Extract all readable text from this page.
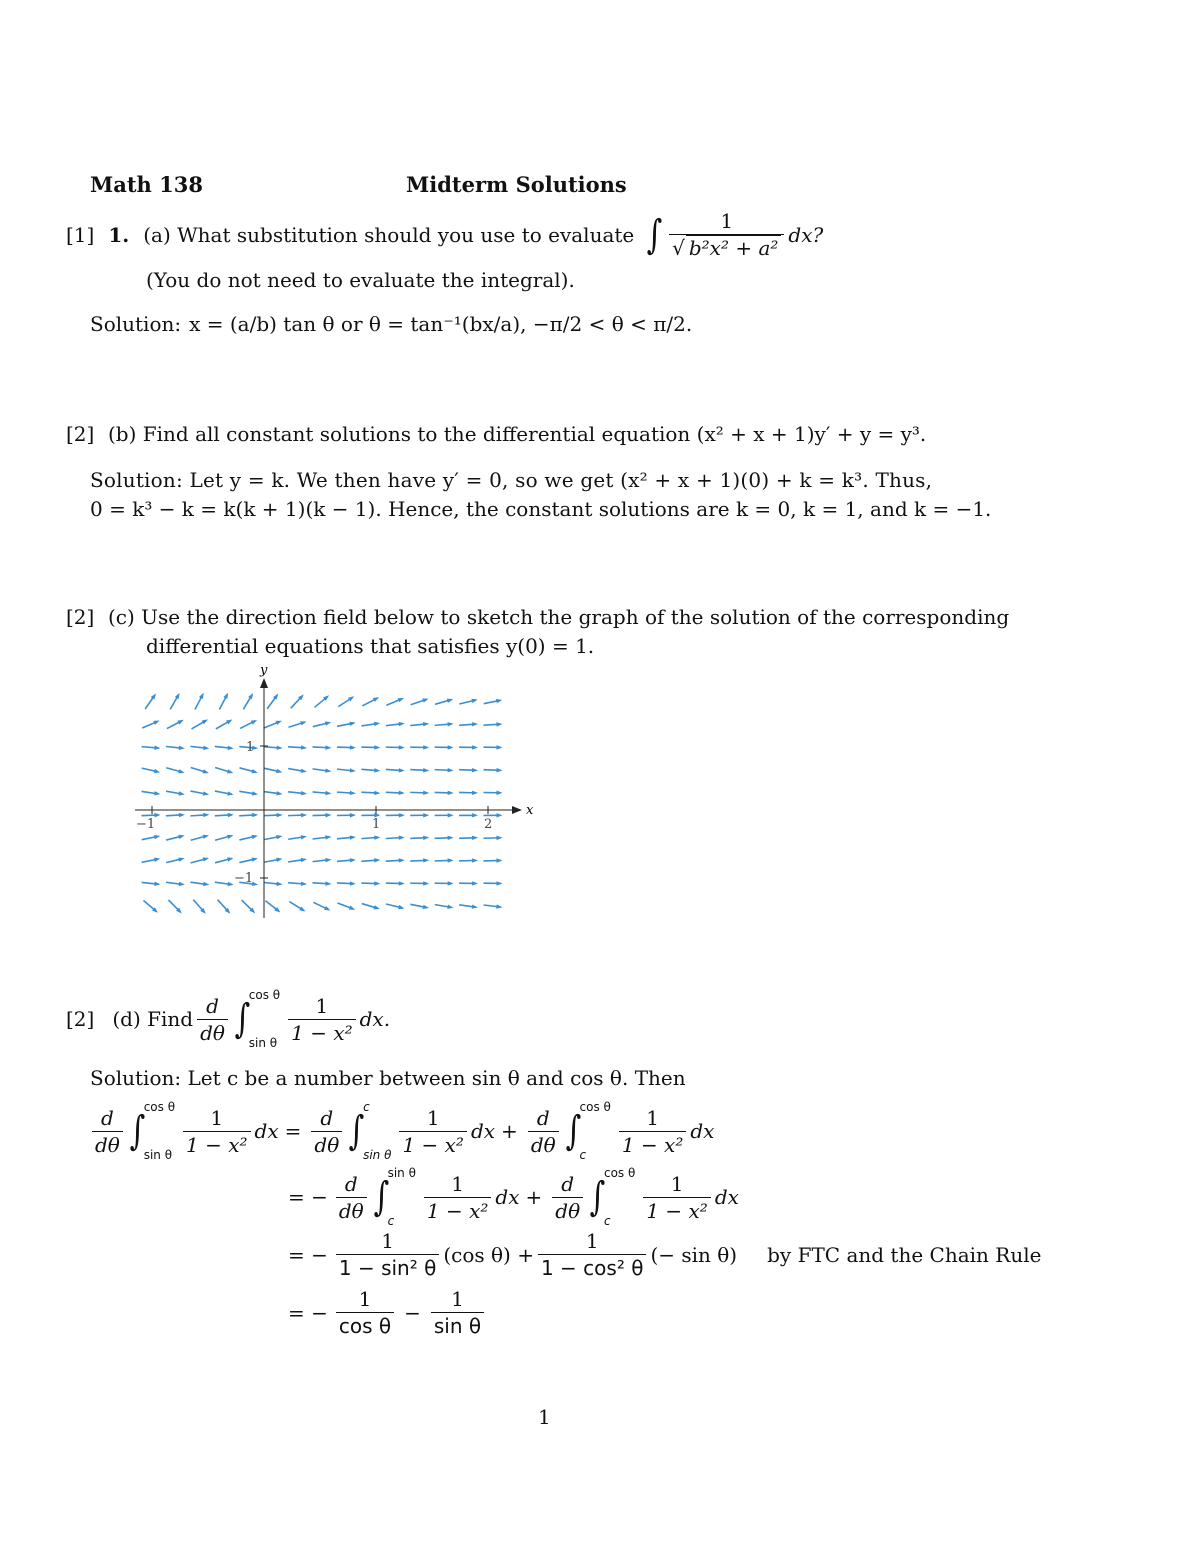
Math 138	Midterm Solutions
[1] 1. (a) What substitution should you use to evaluate ∫ $\frac{1}{\text{√ b²x² + a²}}$ dx?
(You do not need to evaluate the integral).
Solution: x = (a/b) tan θ or θ = tan⁻¹(bx/a), −π/2 < θ < π/2.
[2] (b) Find all constant solutions to the differential equation (x² + x + 1)y′ + y = y³.
Solution: Let y = k. We then have y′ = 0, so we get (x² + x + 1)(0) + k = k³. Thus,
0 = k³ − k = k(k + 1)(k − 1). Hence, the constant solutions are k = 0, k = 1, and k = −1.
[2] (c) Use the direction field below to sketch the graph of the solution of the corresponding
differential equations that satisfies y(0) = 1.
x
y
−1	1	2
1
−1
[2] (d) Find $\frac{d}{d\theta}$ ∫
cos θ
sin θ $\frac{1}{\text{1 − x²}}$ dx.
Solution: Let c be a number between sin θ and cos θ. Then
$\frac{d}{d\theta}$ ∫
cos θ
sin θ $\frac{1}{\text{1 − x²}}$ dx = $\frac{d}{d\theta}$ ∫
c
sin θ $\frac{1}{\text{1 − x²}}$ dx + $\frac{d}{d\theta}$ ∫
cos θ
c	$\frac{1}{\text{1 − x²}}$ dx
= − $\frac{d}{d\theta}$ ∫
sin θ
c	$\frac{1}{\text{1 − x²}}$ dx + $\frac{d}{d\theta}$ ∫
cos θ
c	$\frac{1}{\text{1 − x²}}$ dx
= − $\frac{1}{\text{1 − sin² θ}} (\cos$ $\theta) + \frac{1}{\text{1 − cos² θ}}$ (− sin θ) by FTC and the Chain Rule
= − $\frac{1}{\text{cos θ}} - \frac{1}{\text{sin θ}}$
1
